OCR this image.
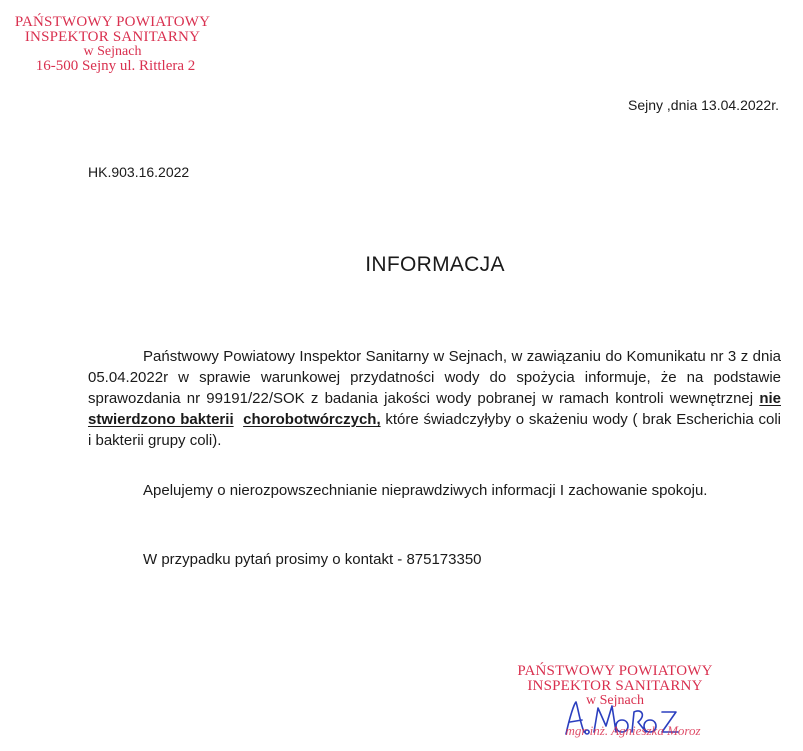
PAŃSTWOWY POWIATOWY
INSPEKTOR SANITARNY
w Sejnach
16-500 Sejny ul. Rittlera 2
Sejny ,dnia 13.04.2022r.
HK.903.16.2022
INFORMACJA
Państwowy Powiatowy Inspektor Sanitarny w Sejnach, w zawiązaniu do Komunikatu nr 3 z dnia 05.04.2022r w sprawie warunkowej przydatności wody do spożycia informuje, że na podstawie sprawozdania nr 99191/22/SOK z badania jakości wody pobranej w ramach kontroli wewnętrznej nie stwierdzono bakterii chorobotwórczych, które świadczyłyby o skażeniu wody ( brak Escherichia coli i bakterii grupy coli).
Apelujemy o nierozpowszechnianie nieprawdziwych informacji I zachowanie spokoju.
W przypadku pytań prosimy o kontakt - 875173350
PAŃSTWOWY POWIATOWY
INSPEKTOR SANITARNY
w Sejnach
mgr inż. Agnieszka Moroz
